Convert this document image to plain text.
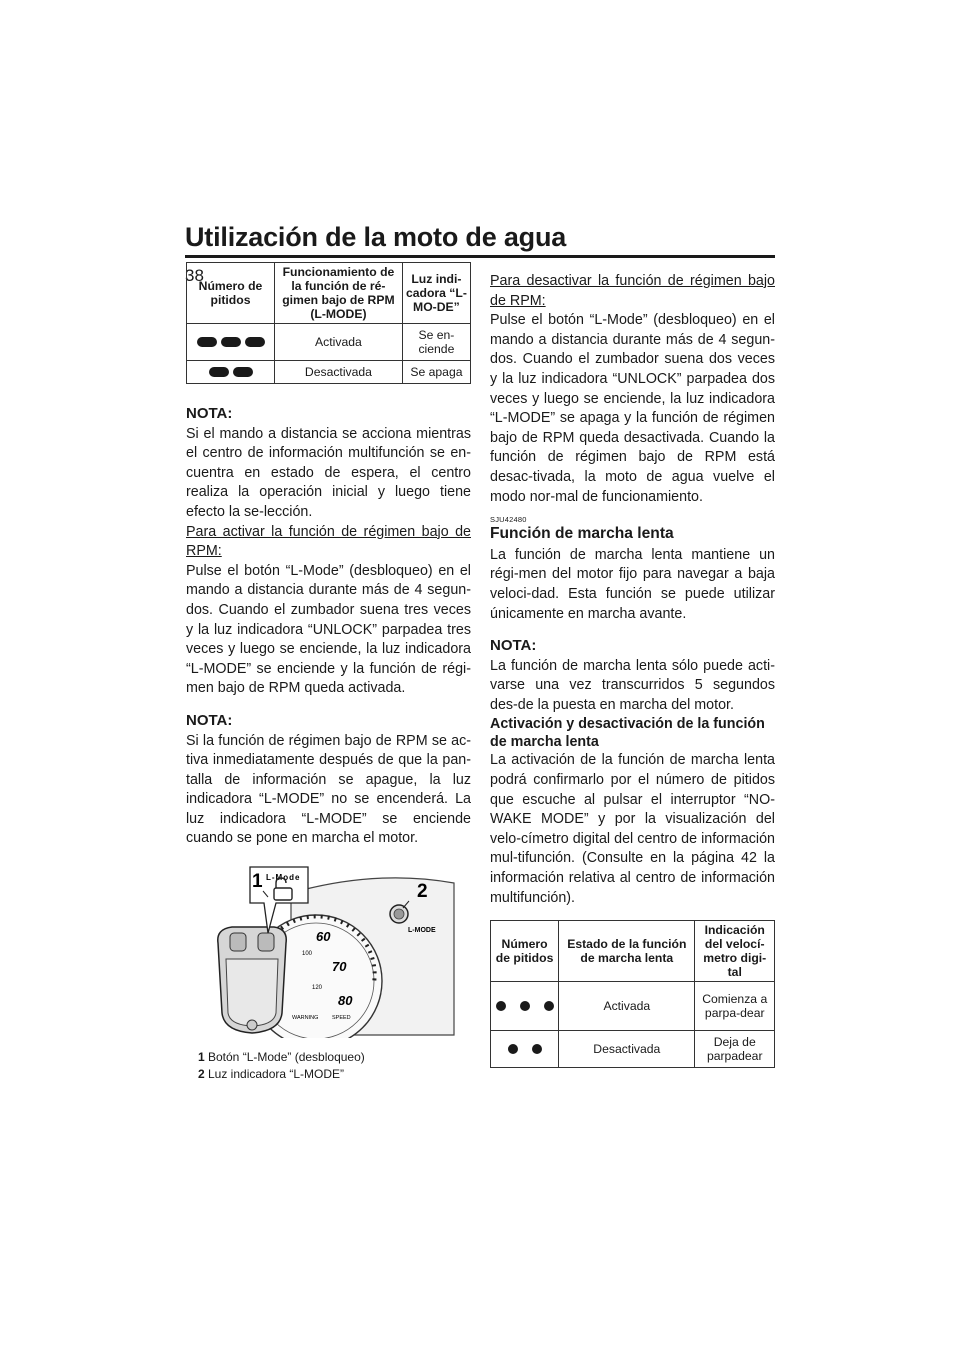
Utilización de la moto de agua
38
Número de pitidos	Funcionamiento de la función de ré-gimen bajo de RPM (L-MODE)	Luz indi-cadora “L-MO-DE”

	Activada	Se en-ciende

	Desactivada	Se apaga
NOTA:

Si el mando a distancia se acciona mientras el centro de información multifunción se en-cuentra en estado de espera, el centro realiza la operación inicial y luego tiene efecto la se-lección.

Para activar la función de régimen bajo de RPM:

Pulse el botón “L-Mode” (desbloqueo) en el mando a distancia durante más de 4 segun-dos. Cuando el zumbador suena tres veces y la luz indicadora “UNLOCK” parpadea tres veces y luego se enciende, la luz indicadora “L-MODE” se enciende y la función de régi-men bajo de RPM queda activada.

NOTA:

Si la función de régimen bajo de RPM se ac-tiva inmediatamente después de que la pan-talla de información se apague, la luz indicadora “L-MODE” no se encenderá. La luz indicadora “L-MODE” se enciende cuando se pone en marcha el motor.

60
70
80
100
120
WARNING SPEED
L-MODE
2
L-Mode
1
1 Botón “L-Mode” (desbloqueo)
2 Luz indicadora “L-MODE”

Para desactivar la función de régimen bajo de RPM:

Pulse el botón “L-Mode” (desbloqueo) en el mando a distancia durante más de 4 segun-dos. Cuando el zumbador suena dos veces y la luz indicadora “UNLOCK” parpadea dos veces y luego se enciende, la luz indicadora “L-MODE” se apaga y la función de régimen bajo de RPM queda desactivada. Cuando la función de régimen bajo de RPM está desac-tivada, la moto de agua vuelve el modo nor-mal de funcionamiento.

SJU42480
Función de marcha lenta

La función de marcha lenta mantiene un régi-men del motor fijo para navegar a baja veloci-dad. Esta función se puede utilizar únicamente en marcha avante.

NOTA:

La función de marcha lenta sólo puede acti-varse una vez transcurridos 5 segundos des-de la puesta en marcha del motor.

Activación y desactivación de la función de marcha lenta

La activación de la función de marcha lenta podrá confirmarlo por el número de pitidos que escuche al pulsar el interruptor “NO-WAKE MODE” y por la visualización del velo-címetro digital del centro de información mul-tifunción. (Consulte en la página 42 la información relativa al centro de información multifunción).

Número de pitidos	Estado de la función de marcha lenta	Indicación del velocí-metro digi-tal

	Activada	Comienza a parpa-dear

	Desactivada	Deja de parpadear
